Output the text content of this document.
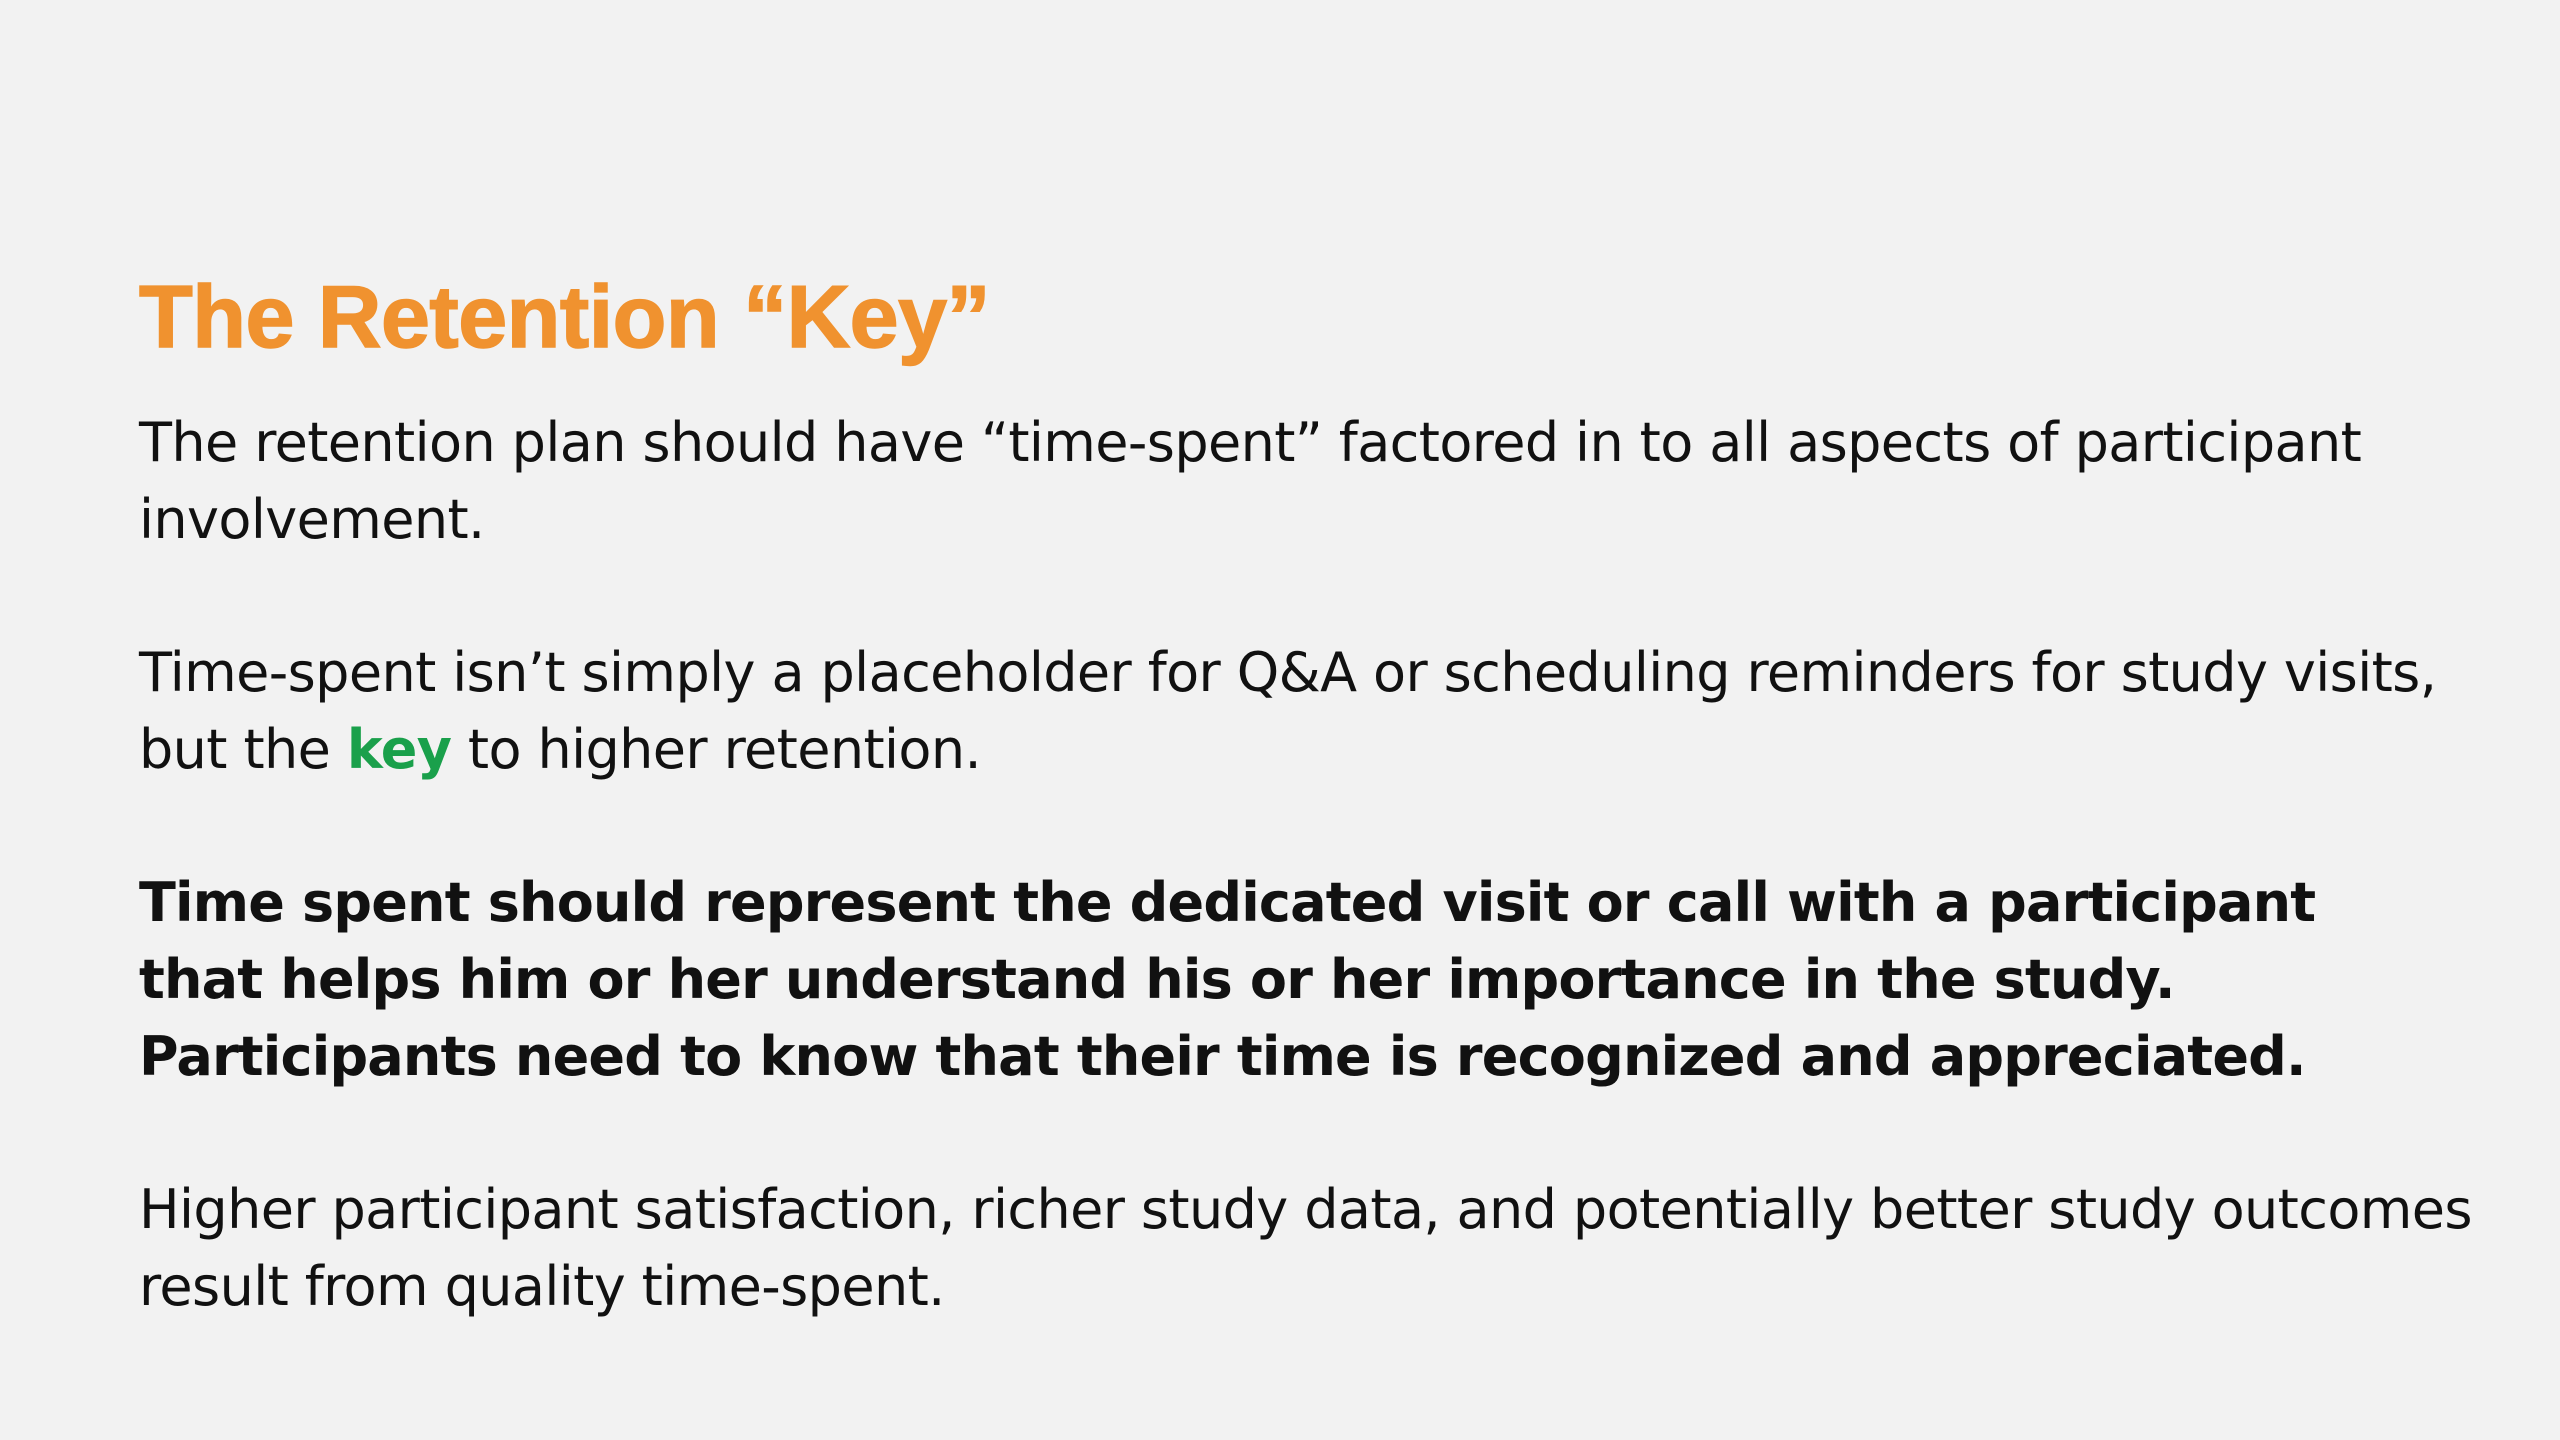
The Retention “Key”

The retention plan should have “time-spent” factored in to all aspects of participant
involvement.

Time-spent isn’t simply a placeholder for Q&A or scheduling reminders for study visits,
but the key to higher retention.

Time spent should represent the dedicated visit or call with a participant
that helps him or her understand his or her importance in the study.
Participants need to know that their time is recognized and appreciated.

Higher participant satisfaction, richer study data, and potentially better study outcomes
result from quality time-spent.
